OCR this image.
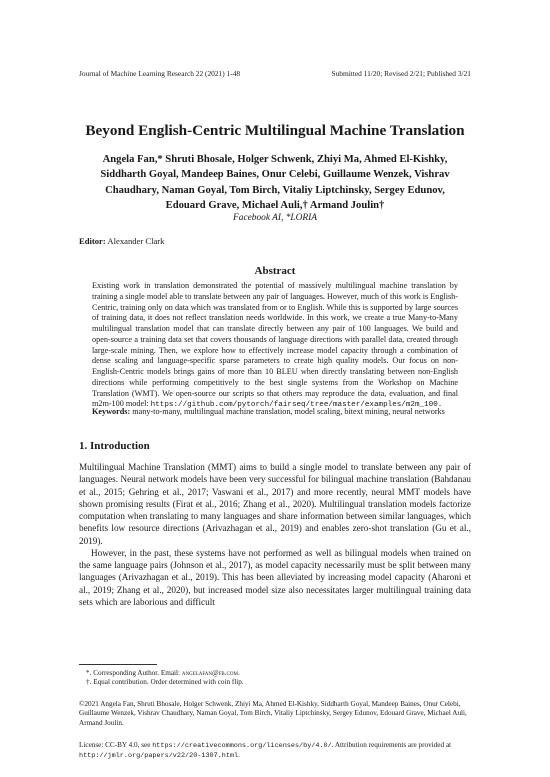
Journal of Machine Learning Research 22 (2021) 1-48	Submitted 11/20; Revised 2/21; Published 3/21
Beyond English-Centric Multilingual Machine Translation
Angela Fan,* Shruti Bhosale, Holger Schwenk, Zhiyi Ma, Ahmed El-Kishky,
Siddharth Goyal, Mandeep Baines, Onur Celebi, Guillaume Wenzek, Vishrav
Chaudhary, Naman Goyal, Tom Birch, Vitaliy Liptchinsky, Sergey Edunov,
Edouard Grave, Michael Auli,† Armand Joulin†
Facebook AI, *LORIA
Editor: Alexander Clark
Abstract
Existing work in translation demonstrated the potential of massively multilingual machine translation by training a single model able to translate between any pair of languages. However, much of this work is English-Centric, training only on data which was translated from or to English. While this is supported by large sources of training data, it does not reflect translation needs worldwide. In this work, we create a true Many-to-Many multilingual translation model that can translate directly between any pair of 100 languages. We build and open-source a training data set that covers thousands of language directions with parallel data, created through large-scale mining. Then, we explore how to effectively increase model capacity through a combination of dense scaling and language-specific sparse parameters to create high quality models. Our focus on non-English-Centric models brings gains of more than 10 BLEU when directly translating between non-English directions while performing competitively to the best single systems from the Workshop on Machine Translation (WMT). We open-source our scripts so that others may reproduce the data, evaluation, and final m2m-100 model: https://github.com/pytorch/fairseq/tree/master/examples/m2m_100.
Keywords: many-to-many, multilingual machine translation, model scaling, bitext mining, neural networks
1. Introduction

Multilingual Machine Translation (MMT) aims to build a single model to translate between any pair of languages. Neural network models have been very successful for bilingual machine translation (Bahdanau et al., 2015; Gehring et al., 2017; Vaswani et al., 2017) and more recently, neural MMT models have shown promising results (Firat et al., 2016; Zhang et al., 2020). Multilingual translation models factorize computation when translating to many languages and share information between similar languages, which benefits low resource directions (Arivazhagan et al., 2019) and enables zero-shot translation (Gu et al., 2019).

However, in the past, these systems have not performed as well as bilingual models when trained on the same language pairs (Johnson et al., 2017), as model capacity necessarily must be split between many languages (Arivazhagan et al., 2019). This has been alleviated by increasing model capacity (Aharoni et al., 2019; Zhang et al., 2020), but increased model size also necessitates larger multilingual training data sets which are laborious and difficult

*. Corresponding Author. Email: angelafan@fb.com.
†. Equal contribution. Order determined with coin flip.
©2021 Angela Fan, Shruti Bhosale, Holger Schwenk, Zhiyi Ma, Ahmed El-Kishky, Siddharth Goyal, Mandeep Baines, Onur Celebi, Guillaume Wenzek, Vishrav Chaudhary, Naman Goyal, Tom Birch, Vitaliy Liptchinsky, Sergey Edunov, Edouard Grave, Michael Auli, Armand Joulin.
License: CC-BY 4.0, see https://creativecommons.org/licenses/by/4.0/. Attribution requirements are provided at http://jmlr.org/papers/v22/20-1307.html.
